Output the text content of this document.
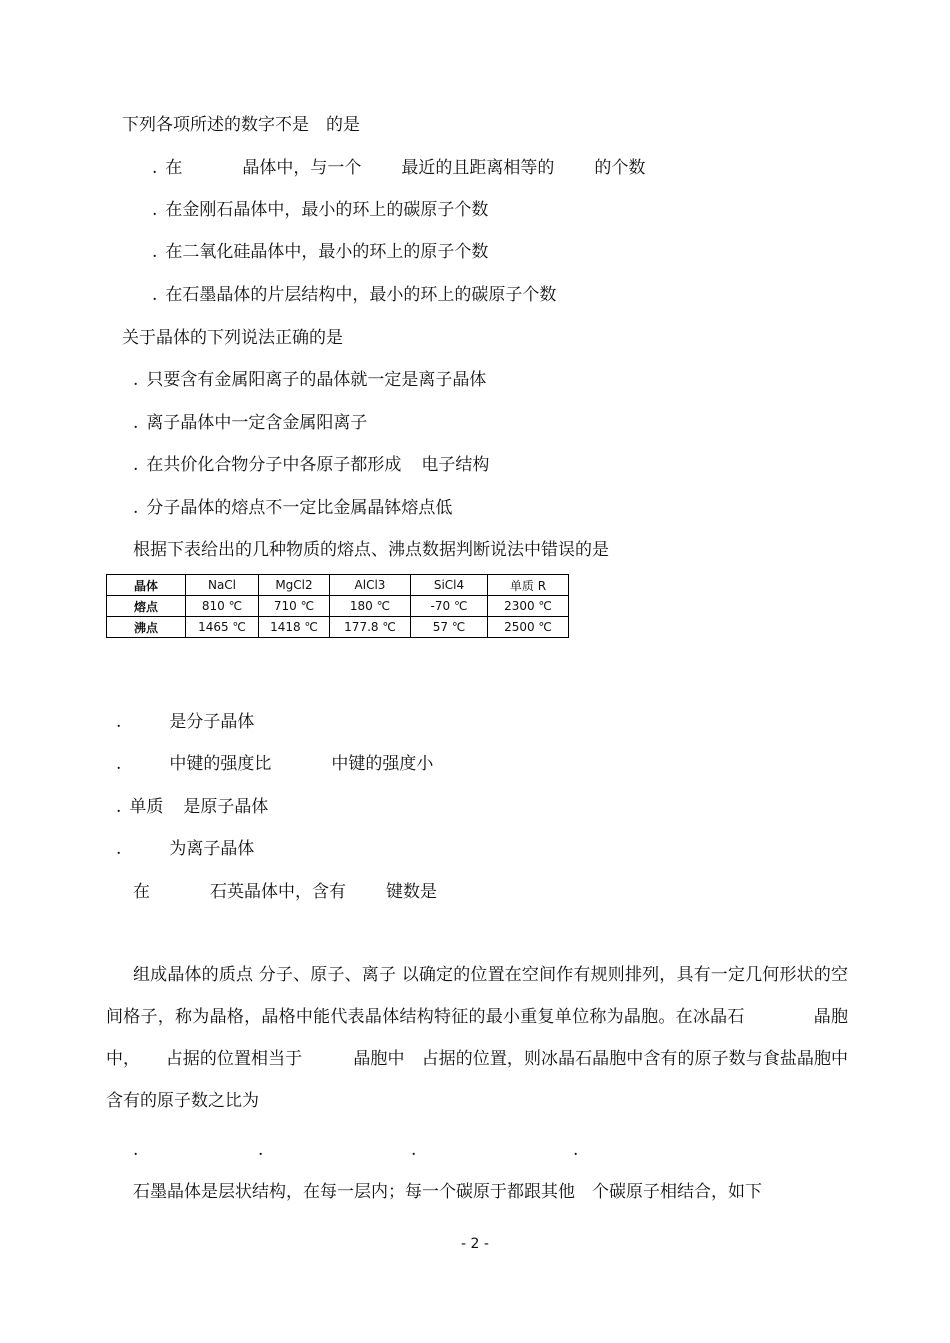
下列各项所述的数字不是　的是
. 在	晶体中，与一个 最近的且距离相等的 的个数
. 在金刚石晶体中，最小的环上的碳原子个数
. 在二氧化硅晶体中，最小的环上的原子个数
. 在石墨晶体的片层结构中，最小的环上的碳原子个数
关于晶体的下列说法正确的是
. 只要含有金属阳离子的晶体就一定是离子晶体
. 离子晶体中一定含金属阳离子
. 在共价化合物分子中各原子都形成 电子结构
. 分子晶体的熔点不一定比金属晶钵熔点低
根据下表给出的几种物质的熔点、沸点数据判断说法中错误的是
晶体	NaCl	MgCl2	AlCl3	SiCl4	单质 R
熔点	810 ℃	710 ℃	180 ℃	-70 ℃	2300 ℃
沸点	1465 ℃	1418 ℃	177.8 ℃	57 ℃	2500 ℃
.	是分子晶体
.	中键的强度比	中键的强度小
. 单质 是原子晶体
.	为离子晶体
在	石英晶体中，含有 键数是
组成晶体的质点 分子、原子、离子 以确定的位置在空间作有规则排列，具有一定几何形状的空间格子，称为晶格，晶格中能代表晶体结构特征的最小重复单位称为晶胞。在冰晶石　　　　晶胞中，　　占据的位置相当于　　　晶胞中　占据的位置，则冰晶石晶胞中含有的原子数与食盐晶胞中含有的原子数之比为
.	.	.	.
石墨晶体是层状结构，在每一层内；每一个碳原于都跟其他　个碳原子相结合，如下
- 2 -
